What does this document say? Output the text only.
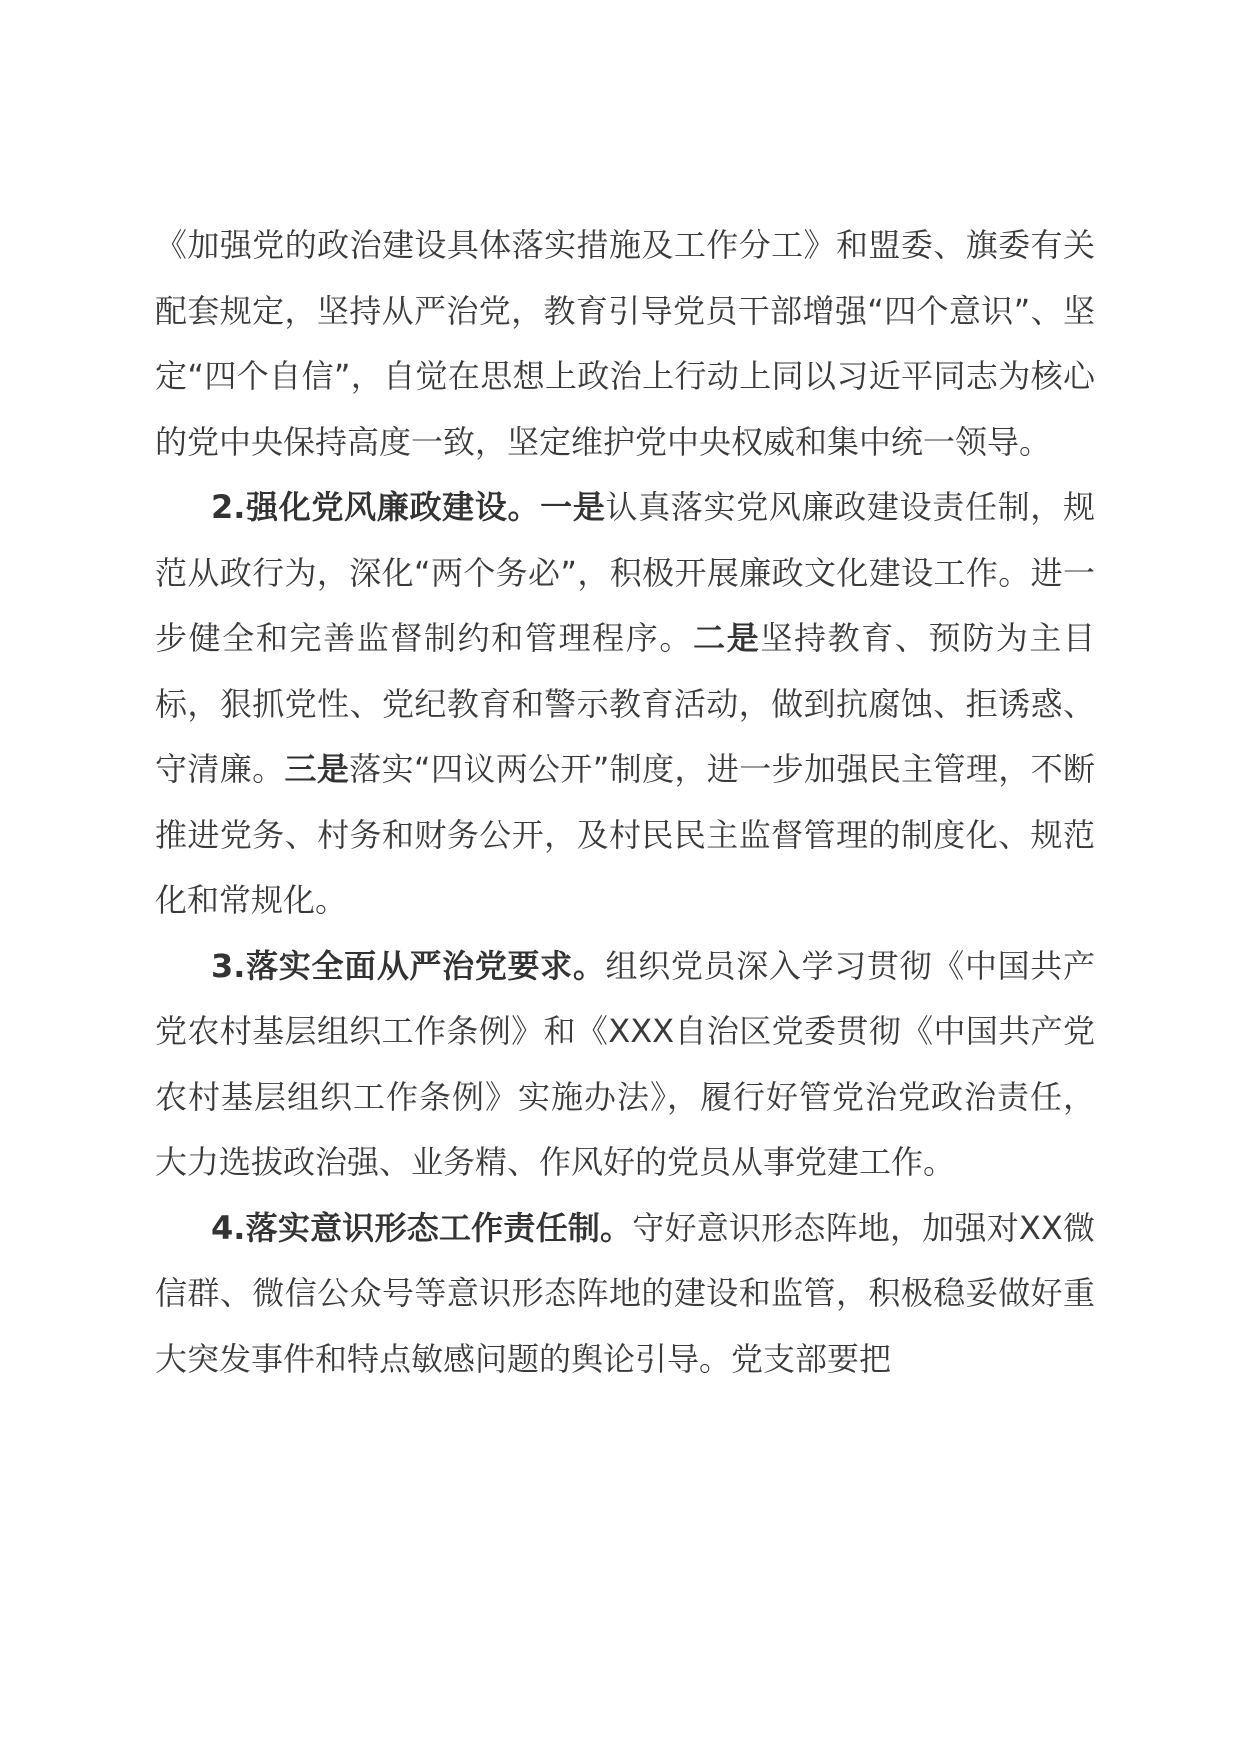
《加强党的政治建设具体落实措施及工作分工》和盟委、旗委有关配套规定，坚持从严治党，教育引导党员干部增强“四个意识”、坚定“四个自信”，自觉在思想上政治上行动上同以习近平同志为核心的党中央保持高度一致，坚定维护党中央权威和集中统一领导。

2.强化党风廉政建设。一是认真落实党风廉政建设责任制，规范从政行为，深化“两个务必”，积极开展廉政文化建设工作。进一步健全和完善监督制约和管理程序。二是坚持教育、预防为主目标，狠抓党性、党纪教育和警示教育活动，做到抗腐蚀、拒诱惑、守清廉。三是落实“四议两公开”制度，进一步加强民主管理，不断推进党务、村务和财务公开，及村民民主监督管理的制度化、规范化和常规化。

3.落实全面从严治党要求。组织党员深入学习贯彻《中国共产党农村基层组织工作条例》和《XXX自治区党委贯彻《中国共产党农村基层组织工作条例》实施办法》，履行好管党治党政治责任，大力选拔政治强、业务精、作风好的党员从事党建工作。

4.落实意识形态工作责任制。守好意识形态阵地，加强对XX微信群、微信公众号等意识形态阵地的建设和监管，积极稳妥做好重大突发事件和特点敏感问题的舆论引导。党支部要把
